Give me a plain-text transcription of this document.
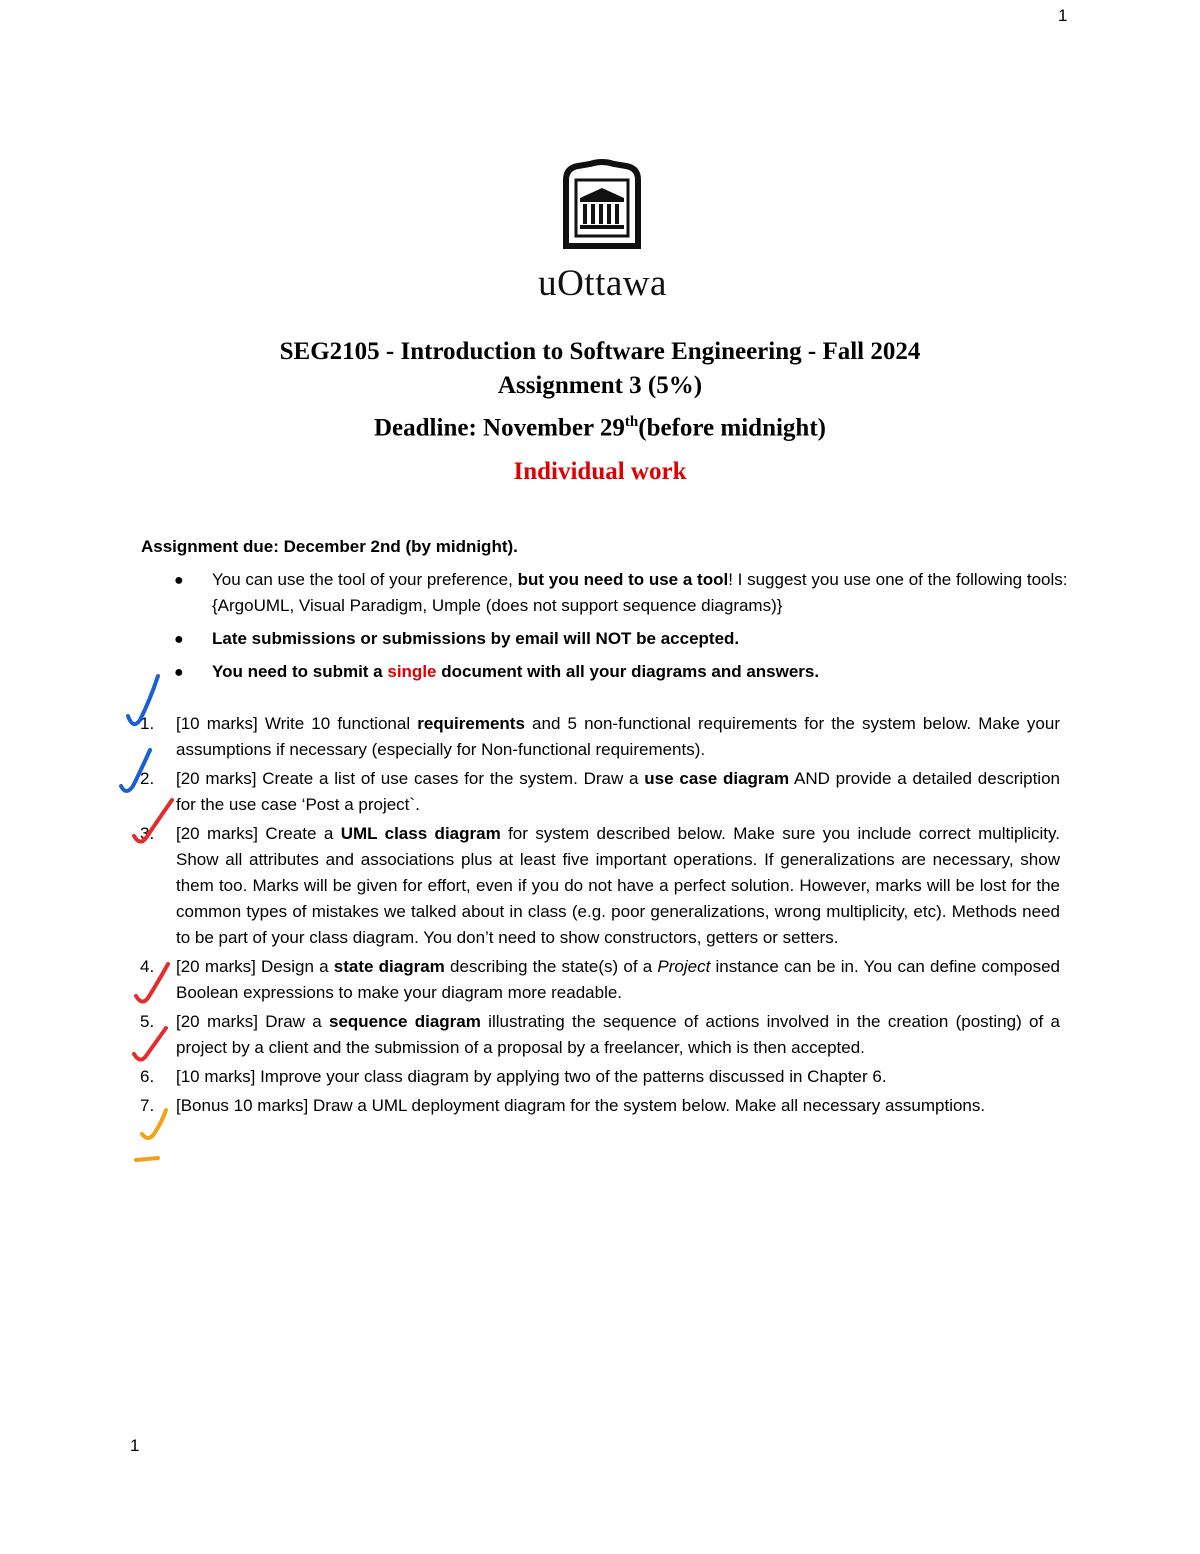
1
uOttawa
SEG2105 - Introduction to Software Engineering - Fall 2024
Assignment 3 (5%)
Deadline: November 29th(before midnight)
Individual work
Assignment due: December 2nd (by midnight).
● You can use the tool of your preference, but you need to use a tool! I suggest you use one of the following tools: {ArgoUML, Visual Paradigm, Umple (does not support sequence diagrams)}
● Late submissions or submissions by email will NOT be accepted.
● You need to submit a single document with all your diagrams and answers.
1. [10 marks] Write 10 functional requirements and 5 non-functional requirements for the system below. Make your assumptions if necessary (especially for Non-functional requirements).
2. [20 marks] Create a list of use cases for the system. Draw a use case diagram AND provide a detailed description for the use case ‘Post a project`.
3. [20 marks] Create a UML class diagram for system described below. Make sure you include correct multiplicity. Show all attributes and associations plus at least five important operations. If generalizations are necessary, show them too. Marks will be given for effort, even if you do not have a perfect solution. However, marks will be lost for the common types of mistakes we talked about in class (e.g. poor generalizations, wrong multiplicity, etc). Methods need to be part of your class diagram. You don’t need to show constructors, getters or setters.
4. [20 marks] Design a state diagram describing the state(s) of a Project instance can be in. You can define composed Boolean expressions to make your diagram more readable.
5. [20 marks] Draw a sequence diagram illustrating the sequence of actions involved in the creation (posting) of a project by a client and the submission of a proposal by a freelancer, which is then accepted.
6. [10 marks] Improve your class diagram by applying two of the patterns discussed in Chapter 6.
7. [Bonus 10 marks] Draw a UML deployment diagram for the system below. Make all necessary assumptions.
1
